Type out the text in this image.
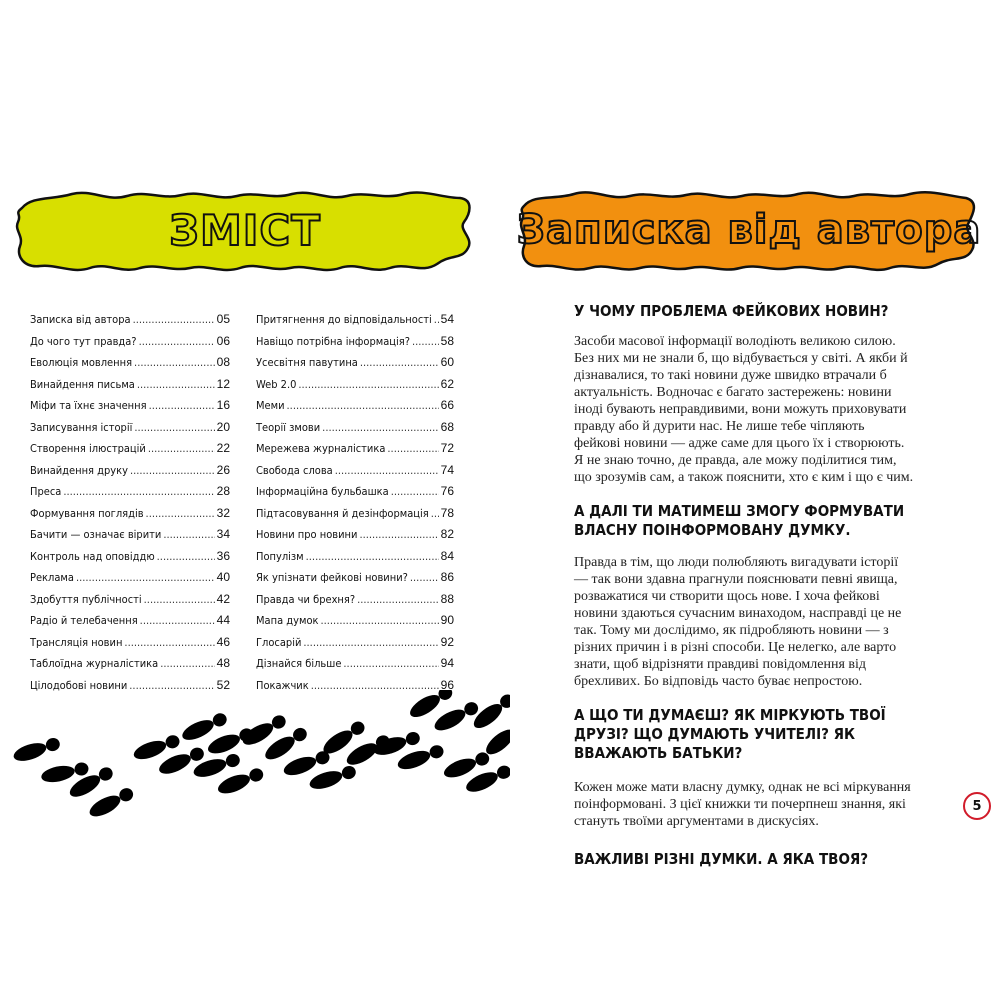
ЗМІСТ	Записка від автора
Записка від автора .....	05
До чого тут правда? .....	06
Еволюція мовлення .....	08
Винайдення письма .....	12
Міфи та їхнє значення .....	16
Записування історії .....	20
Створення ілюстрацій .....	22
Винайдення друку .....	26
Преса .....	28
Формування поглядів .....	32
Бачити — означає вірити .....	34
Контроль над оповіддю .....	36
Реклама .....	40
Здобуття публічності .....	42
Радіо й телебачення .....	44
Трансляція новин .....	46
Таблоїдна журналістика .....	48
Цілодобові новини .....	52
Притягнення до відповідальності ..... 54
Навіщо потрібна інформація? .....	58
Усесвітня павутина .....	60
Web 2.0 .....	62
Меми .....	66
Теорії змови .....	68
Мережева журналістика .....	72
Свобода слова .....	74
Інформаційна бульбашка .....	76
Підтасовування й дезінформація ..... 78
Новини про новини .....	82
Популізм .....	84
Як упізнати фейкові новини? .....	86
Правда чи брехня? .....	88
Мапа думок .....	90
Глосарій .....	92
Дізнайся більше .....	94
Покажчик .....	96

У ЧОМУ ПРОБЛЕМА ФЕЙКОВИХ НОВИН?

Засоби масової інформації володіють великою силою. Без них ми не знали б, що відбувається у світі. А якби й дізнавалися, то такі новини дуже швидко втрачали б актуальність. Водночас є багато застережень: новини іноді бувають неправдивими, вони можуть приховувати правду або й дурити нас. Не лише тебе чіпляють фейкові новини — адже саме для цього їх і створюють. Я не знаю точно, де правда, але можу поділитися тим, що зрозумів сам, а також пояснити, хто є ким і що є чим.

А ДАЛІ ТИ МАТИМЕШ ЗМОГУ ФОРМУВАТИ ВЛАСНУ ПОІНФОРМОВАНУ ДУМКУ.

Правда в тім, що люди полюбляють вигадувати історії — так вони здавна прагнули пояснювати певні явища, розважатися чи створити щось нове. І хоча фейкові новини здаються сучасним винаходом, насправді це не так. Тому ми дослідимо, як підробляють новини — з різних причин і в різні способи. Це нелегко, але варто знати, щоб відрізняти правдиві повідомлення від брехливих. Бо відповідь часто буває непростою.

А ЩО ТИ ДУМАЄШ? ЯК МІРКУЮТЬ ТВОЇ ДРУЗІ? ЩО ДУМАЮТЬ УЧИТЕЛІ? ЯК ВВАЖАЮТЬ БАТЬКИ?

Кожен може мати власну думку, однак не всі міркування поінформовані. З цієї книжки ти почерпнеш знання, які стануть твоїми аргументами в дискусіях.

ВАЖЛИВІ РІЗНІ ДУМКИ. А ЯКА ТВОЯ?

5
